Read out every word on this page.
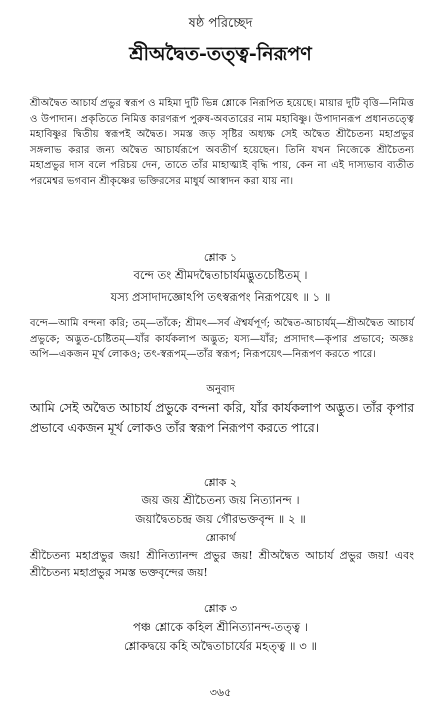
ষষ্ঠ পরিচ্ছেদ
শ্রীঅদ্বৈত-তত্ত্ব-নিরূপণ
শ্রীঅদ্বৈত আচার্য প্রভুর স্বরূপ ও মহিমা দুটি ভিন্ন শ্লোকে নিরূপিত হয়েছে। মায়ার দুটি বৃত্তি—নিমিত্ত ও উপাদান। প্রকৃতিতে নিমিত্ত কারণরূপ পুরুষ-অবতারের নাম মহাবিষ্ণু। উপাদানরূপ প্রধানতত্ত্বে মহাবিষ্ণুর দ্বিতীয় স্বরূপই অদ্বৈত। সমস্ত জড় সৃষ্টির অধ্যক্ষ সেই অদ্বৈত শ্রীচৈতন্য মহাপ্রভুর সঙ্গলাভ করার জন্য অদ্বৈত আচার্যরূপে অবতীর্ণ হয়েছেন। তিনি যখন নিজেকে শ্রীচৈতন্য মহাপ্রভুর দাস বলে পরিচয় দেন, তাতে তাঁর মাহাত্ম্যই বৃদ্ধি পায়, কেন না এই দাস্যভাব ব্যতীত পরমেশ্বর ভগবান শ্রীকৃষ্ণের ভক্তিরসের মাধুর্য আস্বাদন করা যায় না।
শ্লোক ১
বন্দে তং শ্রীমদদ্বৈতাচার্যমদ্ভুতচেষ্টিতম্ ।
যস্য প্রসাদাদজ্ঞোঽপি তৎস্বরূপং নিরূপয়েৎ ॥ ১ ॥
বন্দে—আমি বন্দনা করি; তম্—তাঁকে; শ্রীমৎ—সর্ব ঐশ্বর্যপূর্ণ; অদ্বৈত-আচার্যম্—শ্রীঅদ্বৈত আচার্য প্রভুকে; অদ্ভুত-চেষ্টিতম্—যাঁর কার্যকলাপ অদ্ভুত; যস্য—যাঁর; প্রসাদাৎ—কৃপার প্রভাবে; অজ্ঞঃ অপি—একজন মূর্খ লোকও; তৎ-স্বরূপম্—তাঁর স্বরূপ; নিরূপয়েৎ—নিরূপণ করতে পারে।
অনুবাদ
আমি সেই অদ্বৈত আচার্য প্রভুকে বন্দনা করি, যাঁর কার্যকলাপ অদ্ভুত। তাঁর কৃপার প্রভাবে একজন মূর্খ লোকও তাঁর স্বরূপ নিরূপণ করতে পারে।
শ্লোক ২
জয় জয় শ্রীচৈতন্য জয় নিত্যানন্দ ।
জয়াদ্বৈতচন্দ্র জয় গৌরভক্তবৃন্দ ॥ ২ ॥
শ্লোকার্থ
শ্রীচৈতন্য মহাপ্রভুর জয়! শ্রীনিত্যানন্দ প্রভুর জয়! শ্রীঅদ্বৈত আচার্য প্রভুর জয়! এবং শ্রীচৈতন্য মহাপ্রভুর সমস্ত ভক্তবৃন্দের জয়!
শ্লোক ৩
পঞ্চ শ্লোকে কহিল শ্রীনিত্যানন্দ-তত্ত্ব ।
শ্লোকদ্বয়ে কহি অদ্বৈতাচার্যের মহত্ত্ব ॥ ৩ ॥
৩৬৫
